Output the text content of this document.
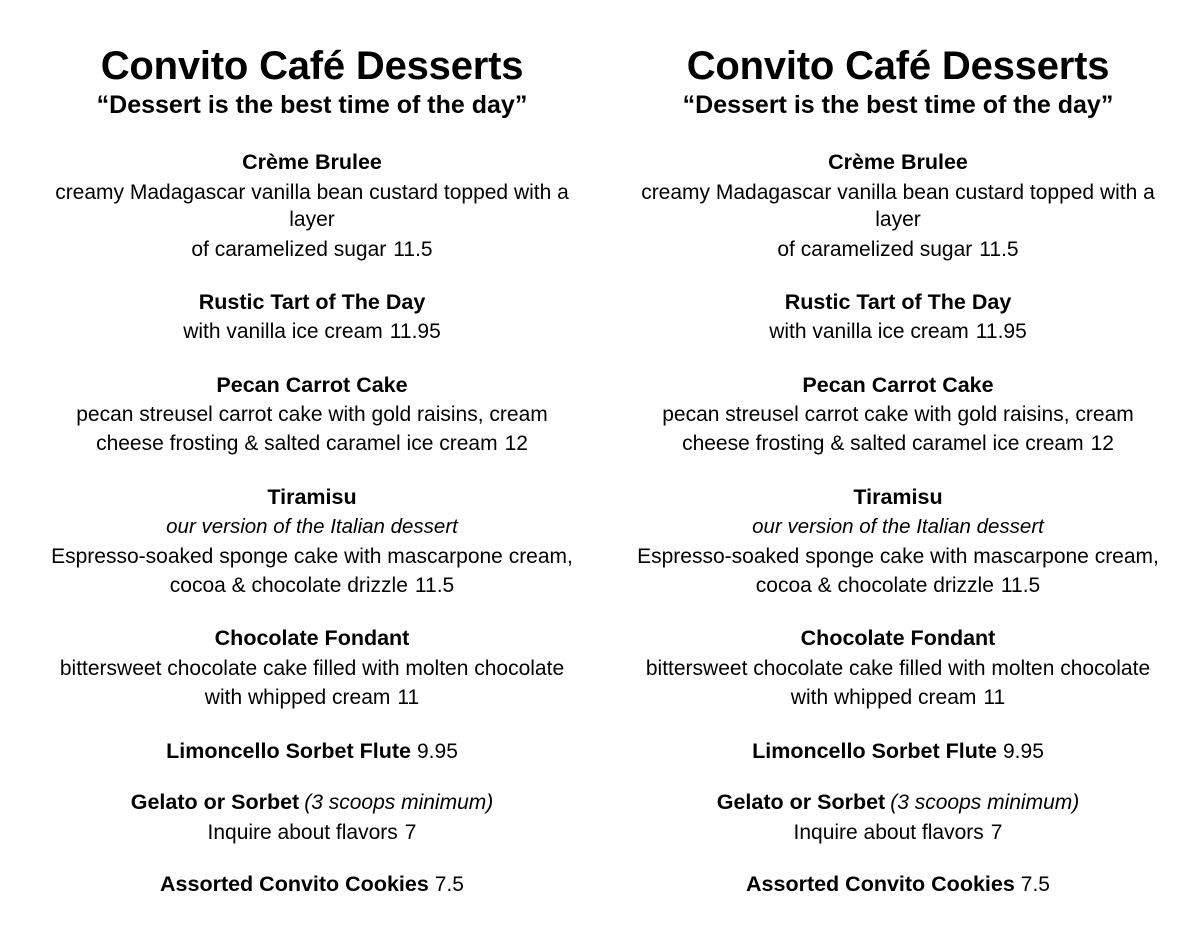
Convito Café Desserts
“Dessert is the best time of the day”
Crème Brulee
creamy Madagascar vanilla bean custard topped with a layer
of caramelized sugar 11.5
Rustic Tart of The Day
with vanilla ice cream 11.95
Pecan Carrot Cake
pecan streusel carrot cake with gold raisins, cream
cheese frosting & salted caramel ice cream 12
Tiramisu
our version of the Italian dessert
Espresso-soaked sponge cake with mascarpone cream,
cocoa & chocolate drizzle 11.5
Chocolate Fondant
bittersweet chocolate cake filled with molten chocolate
with whipped cream 11
Limoncello Sorbet Flute 9.95
Gelato or Sorbet (3 scoops minimum)
Inquire about flavors 7
Assorted Convito Cookies 7.5
Convito Café Desserts
“Dessert is the best time of the day”
Crème Brulee
creamy Madagascar vanilla bean custard topped with a layer
of caramelized sugar 11.5
Rustic Tart of The Day
with vanilla ice cream 11.95
Pecan Carrot Cake
pecan streusel carrot cake with gold raisins, cream
cheese frosting & salted caramel ice cream 12
Tiramisu
our version of the Italian dessert
Espresso-soaked sponge cake with mascarpone cream,
cocoa & chocolate drizzle 11.5
Chocolate Fondant
bittersweet chocolate cake filled with molten chocolate
with whipped cream 11
Limoncello Sorbet Flute 9.95
Gelato or Sorbet (3 scoops minimum)
Inquire about flavors 7
Assorted Convito Cookies 7.5
